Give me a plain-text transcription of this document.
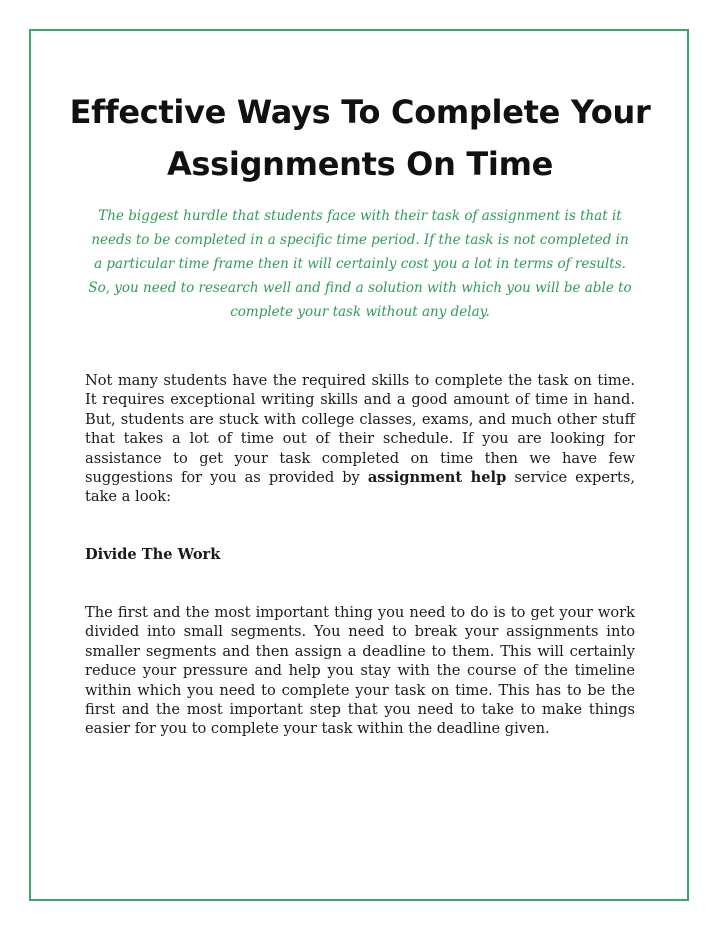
Effective Ways To Complete Your Assignments On Time

The biggest hurdle that students face with their task of assignment is that it needs to be completed in a specific time period. If the task is not completed in a particular time frame then it will certainly cost you a lot in terms of results. So, you need to research well and find a solution with which you will be able to complete your task without any delay.

Not many students have the required skills to complete the task on time. It requires exceptional writing skills and a good amount of time in hand. But, students are stuck with college classes, exams, and much other stuff that takes a lot of time out of their schedule. If you are looking for assistance to get your task completed on time then we have few suggestions for you as provided by assignment help service experts, take a look:

Divide The Work

The first and the most important thing you need to do is to get your work divided into small segments. You need to break your assignments into smaller segments and then assign a deadline to them. This will certainly reduce your pressure and help you stay with the course of the timeline within which you need to complete your task on time. This has to be the first and the most important step that you need to take to make things easier for you to complete your task within the deadline given.
